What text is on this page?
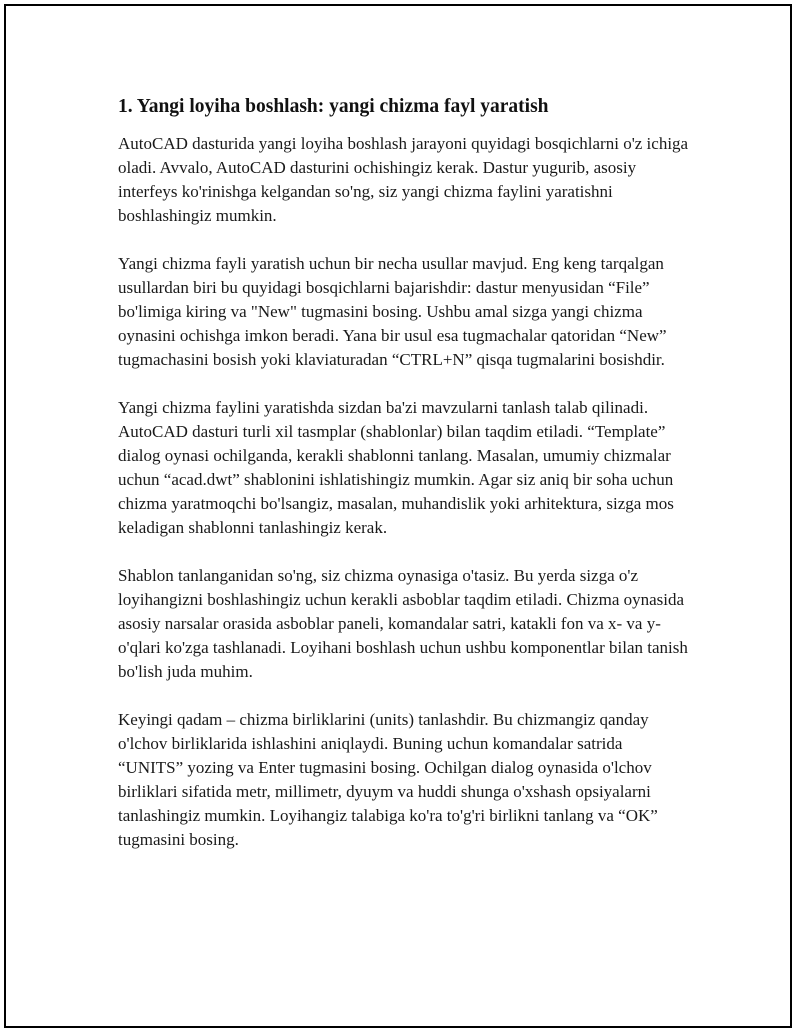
1. Yangi loyiha boshlash: yangi chizma fayl yaratish

AutoCAD dasturida yangi loyiha boshlash jarayoni quyidagi bosqichlarni o'z ichiga oladi. Avvalo, AutoCAD dasturini ochishingiz kerak. Dastur yugurib, asosiy interfeys ko'rinishga kelgandan so'ng, siz yangi chizma faylini yaratishni boshlashingiz mumkin.

Yangi chizma fayli yaratish uchun bir necha usullar mavjud. Eng keng tarqalgan usullardan biri bu quyidagi bosqichlarni bajarishdir: dastur menyusidan “File” bo'limiga kiring va "New" tugmasini bosing. Ushbu amal sizga yangi chizma oynasini ochishga imkon beradi. Yana bir usul esa tugmachalar qatoridan “New” tugmachasini bosish yoki klaviaturadan “CTRL+N” qisqa tugmalarini bosishdir.

Yangi chizma faylini yaratishda sizdan ba'zi mavzularni tanlash talab qilinadi. AutoCAD dasturi turli xil tasmplar (shablonlar) bilan taqdim etiladi. “Template” dialog oynasi ochilganda, kerakli shablonni tanlang. Masalan, umumiy chizmalar uchun “acad.dwt” shablonini ishlatishingiz mumkin. Agar siz aniq bir soha uchun chizma yaratmoqchi bo'lsangiz, masalan, muhandislik yoki arhitektura, sizga mos keladigan shablonni tanlashingiz kerak.

Shablon tanlanganidan so'ng, siz chizma oynasiga o'tasiz. Bu yerda sizga o'z loyihangizni boshlashingiz uchun kerakli asboblar taqdim etiladi. Chizma oynasida asosiy narsalar orasida asboblar paneli, komandalar satri, katakli fon va x- va y-o'qlari ko'zga tashlanadi. Loyihani boshlash uchun ushbu komponentlar bilan tanish bo'lish juda muhim.

Keyingi qadam – chizma birliklarini (units) tanlashdir. Bu chizmangiz qanday o'lchov birliklarida ishlashini aniqlaydi. Buning uchun komandalar satrida “UNITS” yozing va Enter tugmasini bosing. Ochilgan dialog oynasida o'lchov birliklari sifatida metr, millimetr, dyuym va huddi shunga o'xshash opsiyalarni tanlashingiz mumkin. Loyihangiz talabiga ko'ra to'g'ri birlikni tanlang va “OK” tugmasini bosing.
